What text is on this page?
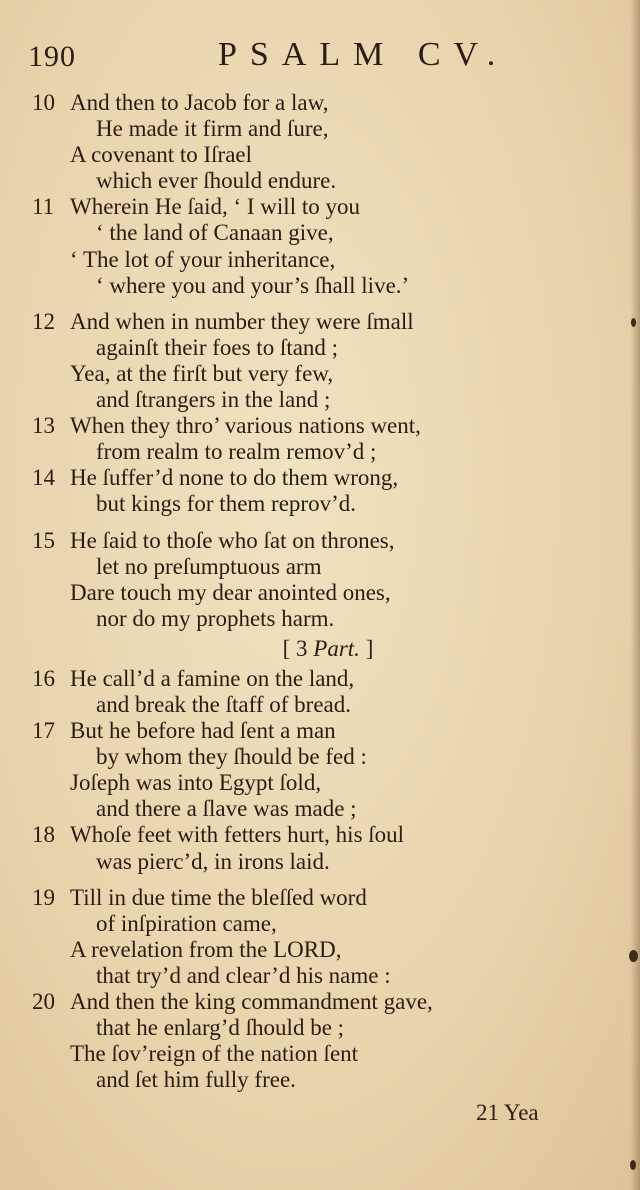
190	PSALM CV.
10 And then to Jacob for a law,
He made it firm and ſure,
A covenant to Iſrael
which ever ſhould endure.
11 Wherein He ſaid, ‘ I will to you
‘ the land of Canaan give,
‘ The lot of your inheritance,
‘ where you and your’s ſhall live.’
12 And when in number they were ſmall
againſt their foes to ſtand ;
Yea, at the firſt but very few,
and ſtrangers in the land ;
13 When they thro’ various nations went,
from realm to realm remov’d ;
14 He ſuffer’d none to do them wrong,
but kings for them reprov’d.
15 He ſaid to thoſe who ſat on thrones,
let no preſumptuous arm
Dare touch my dear anointed ones,
nor do my prophets harm.
[ 3 Part. ]
16 He call’d a famine on the land,
and break the ſtaff of bread.
17 But he before had ſent a man
by whom they ſhould be fed :
Joſeph was into Egypt ſold,
and there a ſlave was made ;
18 Whoſe feet with fetters hurt, his ſoul
was pierc’d, in irons laid.
19 Till in due time the bleſſed word
of inſpiration came,
A revelation from the LORD,
that try’d and clear’d his name :
20 And then the king commandment gave,
that he enlarg’d ſhould be ;
The ſov’reign of the nation ſent
and ſet him fully free.
21 Yea
